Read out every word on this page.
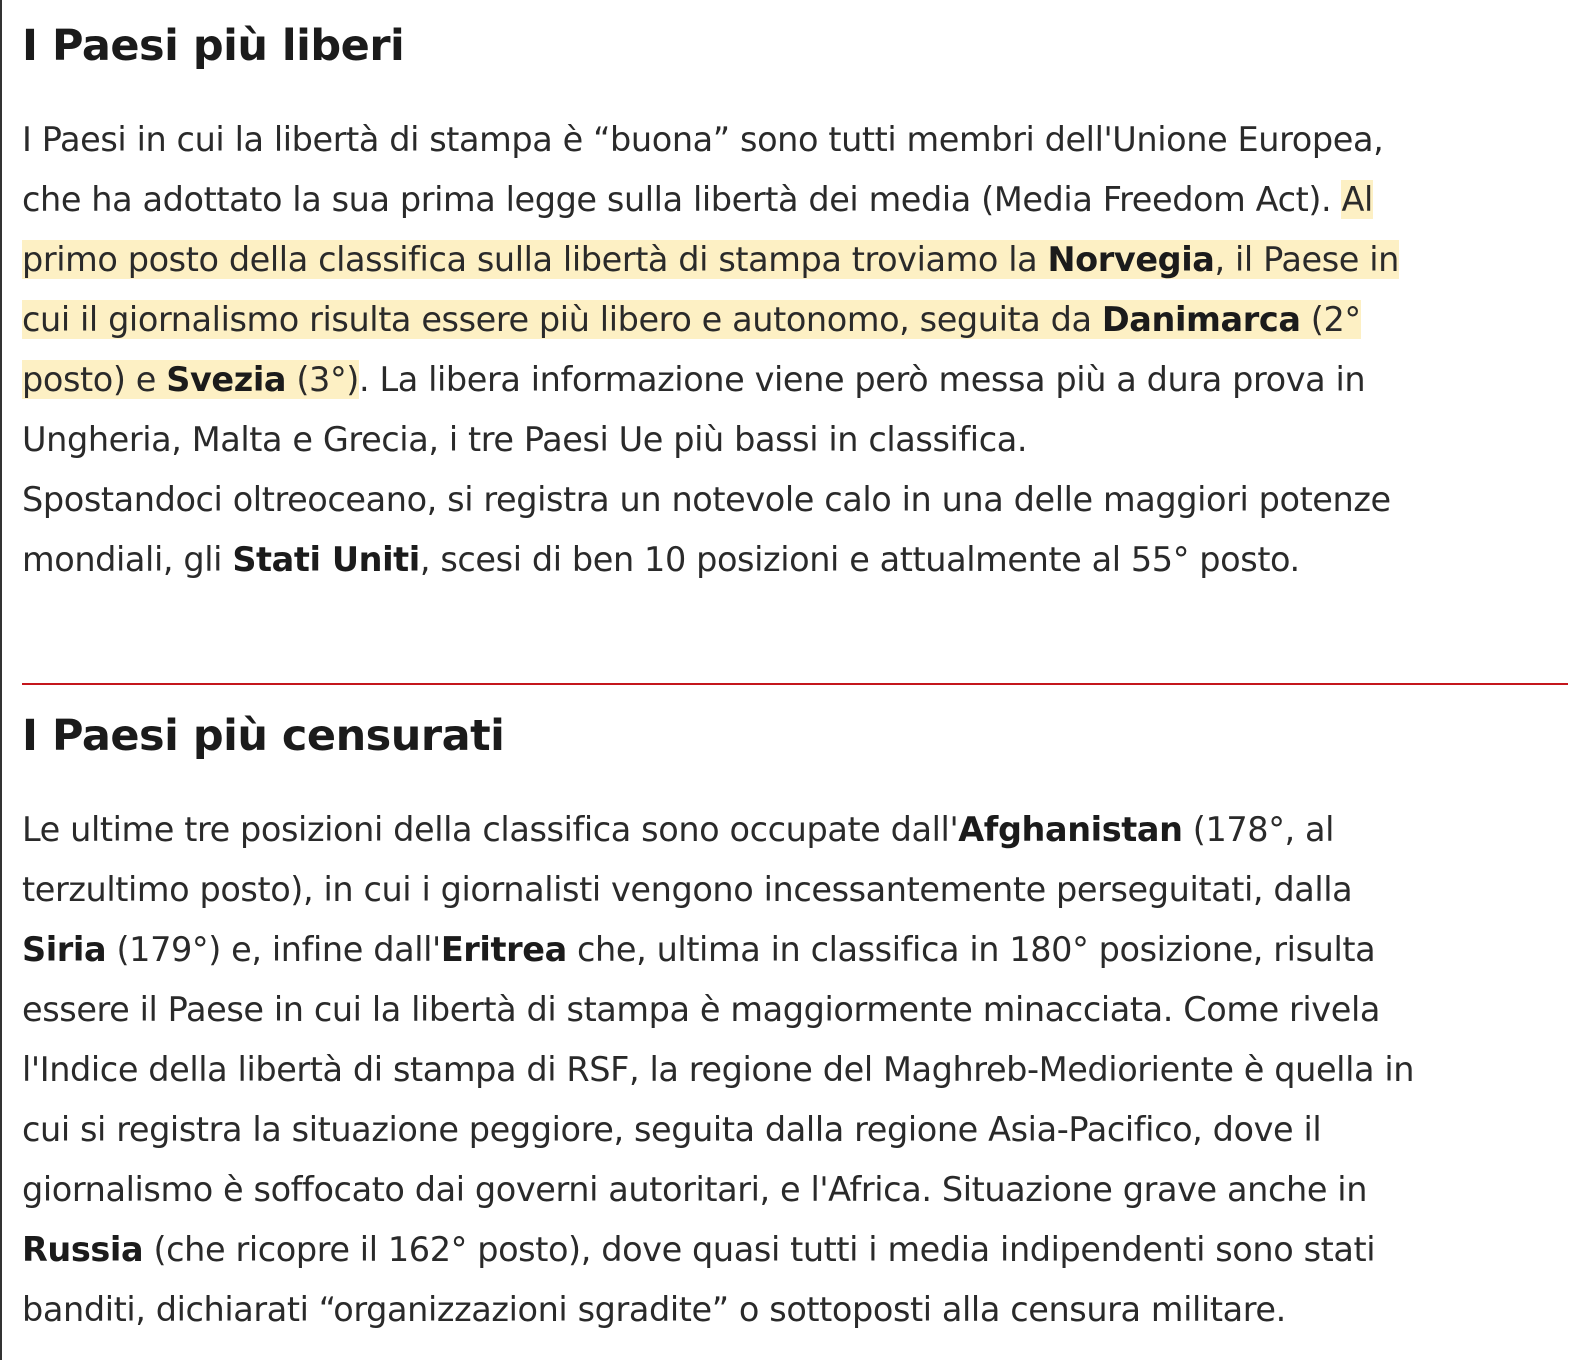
I Paesi più liberi

I Paesi in cui la libertà di stampa è “buona” sono tutti membri dell'Unione Europea,
che ha adottato la sua prima legge sulla libertà dei media (Media Freedom Act). Al
primo posto della classifica sulla libertà di stampa troviamo la Norvegia, il Paese in
cui il giornalismo risulta essere più libero e autonomo, seguita da Danimarca (2°
posto) e Svezia (3°). La libera informazione viene però messa più a dura prova in
Ungheria, Malta e Grecia, i tre Paesi Ue più bassi in classifica.
Spostandoci oltreoceano, si registra un notevole calo in una delle maggiori potenze
mondiali, gli Stati Uniti, scesi di ben 10 posizioni e attualmente al 55° posto.

I Paesi più censurati

Le ultime tre posizioni della classifica sono occupate dall'Afghanistan (178°, al
terzultimo posto), in cui i giornalisti vengono incessantemente perseguitati, dalla
Siria (179°) e, infine dall'Eritrea che, ultima in classifica in 180° posizione, risulta
essere il Paese in cui la libertà di stampa è maggiormente minacciata. Come rivela
l'Indice della libertà di stampa di RSF, la regione del Maghreb-Medioriente è quella in
cui si registra la situazione peggiore, seguita dalla regione Asia-Pacifico, dove il
giornalismo è soffocato dai governi autoritari, e l'Africa. Situazione grave anche in
Russia (che ricopre il 162° posto), dove quasi tutti i media indipendenti sono stati
banditi, dichiarati “organizzazioni sgradite” o sottoposti alla censura militare.
